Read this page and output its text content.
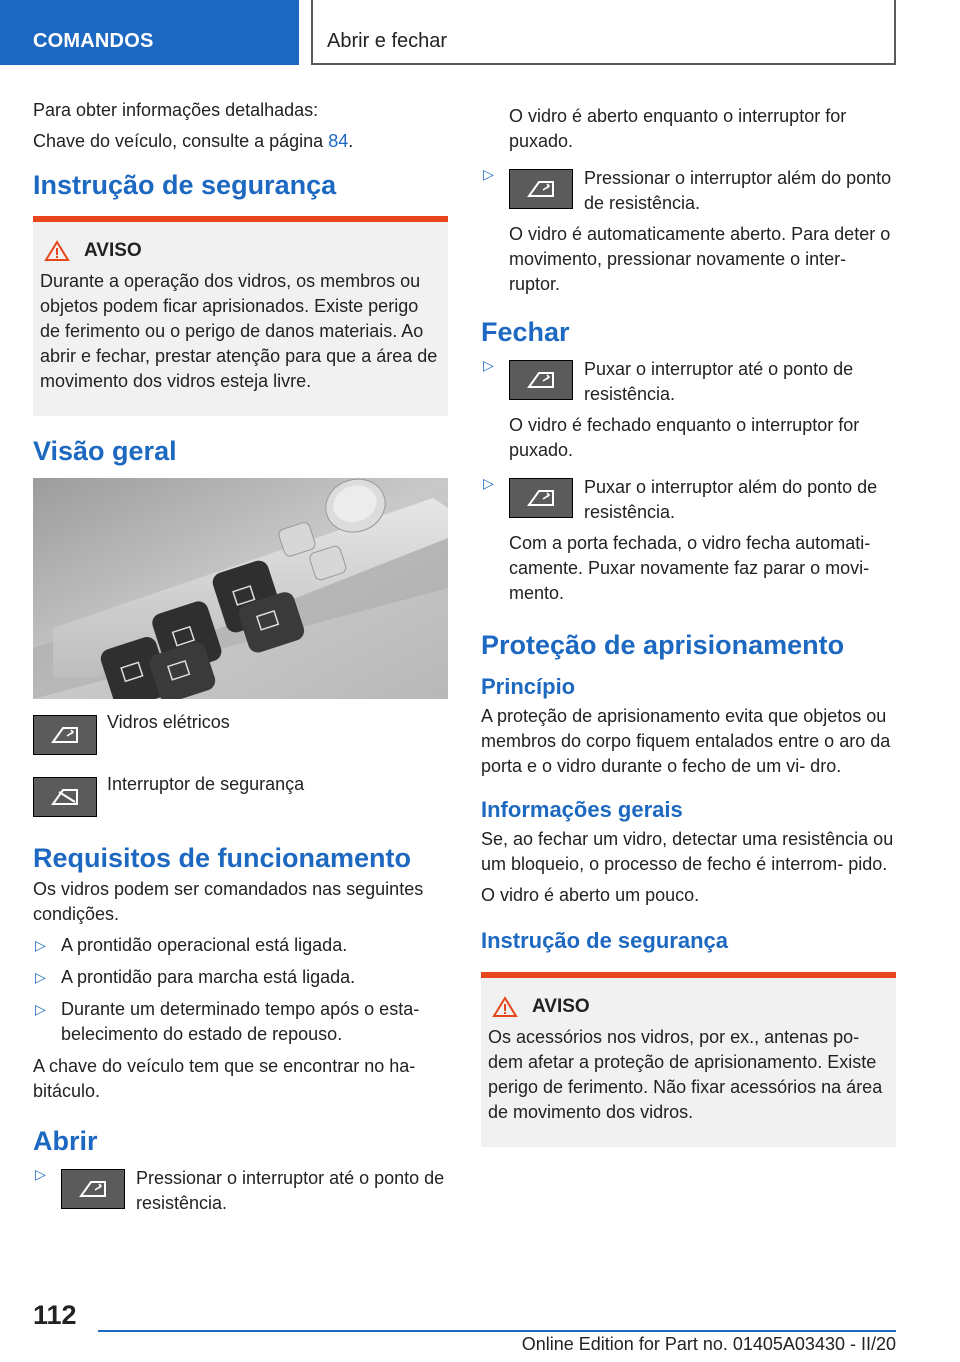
COMANDOS	Abrir e fechar

Para obter informações detalhadas:

Chave do veículo, consulte a página 84.

Instrução de segurança
AVISO

Durante a operação dos vidros, os membros ou objetos podem ficar aprisionados. Existe perigo de ferimento ou o perigo de danos materiais. Ao abrir e fechar, prestar atenção para que a área de movimento dos vidros esteja livre.

Visão geral
Vidros elétricos
Interruptor de segurança
Requisitos de funcionamento

Os vidros podem ser comandados nas seguintes condições.

▷ A prontidão operacional está ligada.
▷ A prontidão para marcha está ligada.
▷ Durante um determinado tempo após o esta- belecimento do estado de repouso.

A chave do veículo tem que se encontrar no ha- bitáculo.

Abrir
▷	Pressionar o interruptor até o ponto de resistência.

O vidro é aberto enquanto o interruptor for puxado.

▷	Pressionar o interruptor além do ponto de resistência.

O vidro é automaticamente aberto. Para deter o movimento, pressionar novamente o inter- ruptor.

Fechar
▷	Puxar o interruptor até o ponto de resistência.

O vidro é fechado enquanto o interruptor for puxado.

▷	Puxar o interruptor além do ponto de resistência.

Com a porta fechada, o vidro fecha automati- camente. Puxar novamente faz parar o movi- mento.

Proteção de aprisionamento
Princípio

A proteção de aprisionamento evita que objetos ou membros do corpo fiquem entalados entre o aro da porta e o vidro durante o fecho de um vi- dro.

Informações gerais

Se, ao fechar um vidro, detectar uma resistência ou um bloqueio, o processo de fecho é interrom- pido.

O vidro é aberto um pouco.

Instrução de segurança
AVISO

Os acessórios nos vidros, por ex., antenas po- dem afetar a proteção de aprisionamento. Existe perigo de ferimento. Não fixar acessórios na área de movimento dos vidros.

112
Online Edition for Part no. 01405A03430 - II/20
